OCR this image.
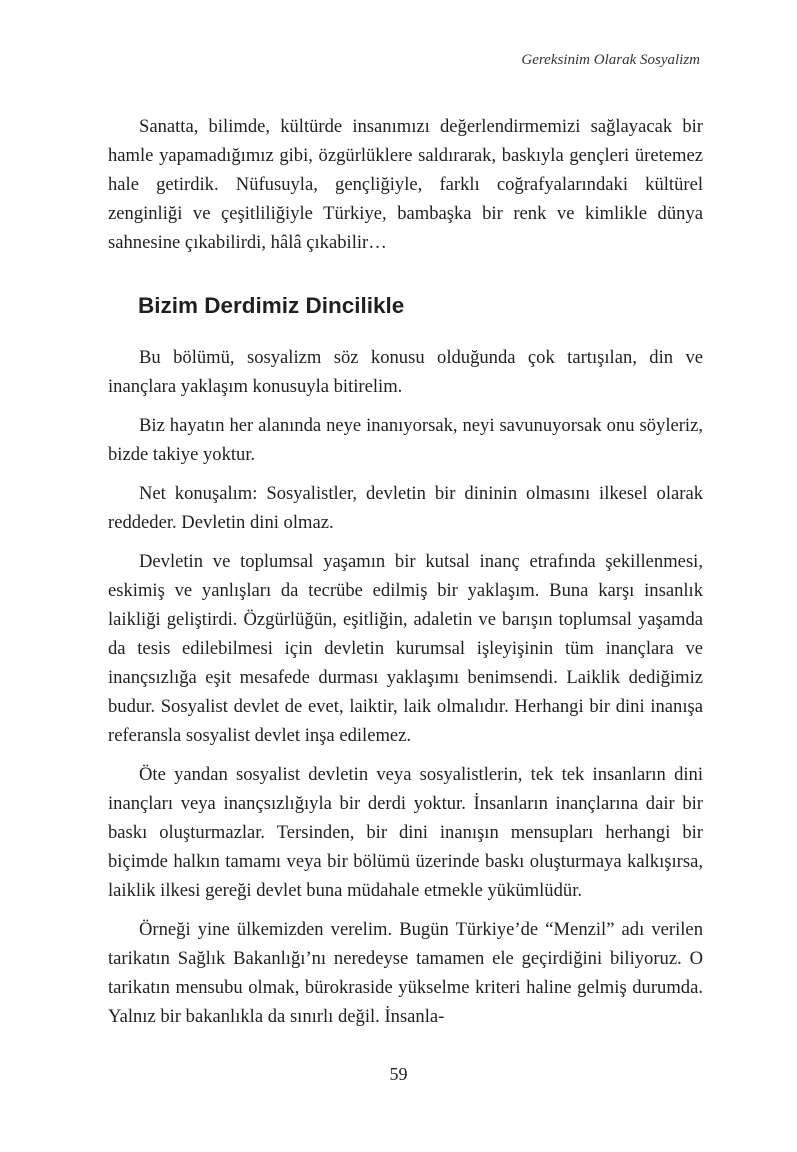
Gereksinim Olarak Sosyalizm

Sanatta, bilimde, kültürde insanımızı değerlendirmemizi sağlayacak bir hamle yapamadığımız gibi, özgürlüklere saldırarak, baskıyla gençleri üretemez hale getirdik. Nüfusuyla, gençliğiyle, farklı coğrafyalarındaki kültürel zenginliği ve çeşitliliğiyle Türkiye, bambaşka bir renk ve kimlikle dünya sahnesine çıkabilirdi, hâlâ çıkabilir…

Bizim Derdimiz Dincilikle

Bu bölümü, sosyalizm söz konusu olduğunda çok tartışılan, din ve inançlara yaklaşım konusuyla bitirelim.

Biz hayatın her alanında neye inanıyorsak, neyi savunuyorsak onu söyleriz, bizde takiye yoktur.

Net konuşalım: Sosyalistler, devletin bir dininin olmasını ilkesel olarak reddeder. Devletin dini olmaz.

Devletin ve toplumsal yaşamın bir kutsal inanç etrafında şekillenmesi, eskimiş ve yanlışları da tecrübe edilmiş bir yaklaşım. Buna karşı insanlık laikliği geliştirdi. Özgürlüğün, eşitliğin, adaletin ve barışın toplumsal yaşamda da tesis edilebilmesi için devletin kurumsal işleyişinin tüm inançlara ve inançsızlığa eşit mesafede durması yaklaşımı benimsendi. Laiklik dediğimiz budur. Sosyalist devlet de evet, laiktir, laik olmalıdır. Herhangi bir dini inanışa referansla sosyalist devlet inşa edilemez.

Öte yandan sosyalist devletin veya sosyalistlerin, tek tek insanların dini inançları veya inançsızlığıyla bir derdi yoktur. İnsanların inançlarına dair bir baskı oluşturmazlar. Tersinden, bir dini inanışın mensupları herhangi bir biçimde halkın tamamı veya bir bölümü üzerinde baskı oluşturmaya kalkışırsa, laiklik ilkesi gereği devlet buna müdahale etmekle yükümlüdür.

Örneği yine ülkemizden verelim. Bugün Türkiye’de “Menzil” adı verilen tarikatın Sağlık Bakanlığı’nı neredeyse tamamen ele geçirdiğini biliyoruz. O tarikatın mensubu olmak, bürokraside yükselme kriteri haline gelmiş durumda. Yalnız bir bakanlıkla da sınırlı değil. İnsanla-

59
